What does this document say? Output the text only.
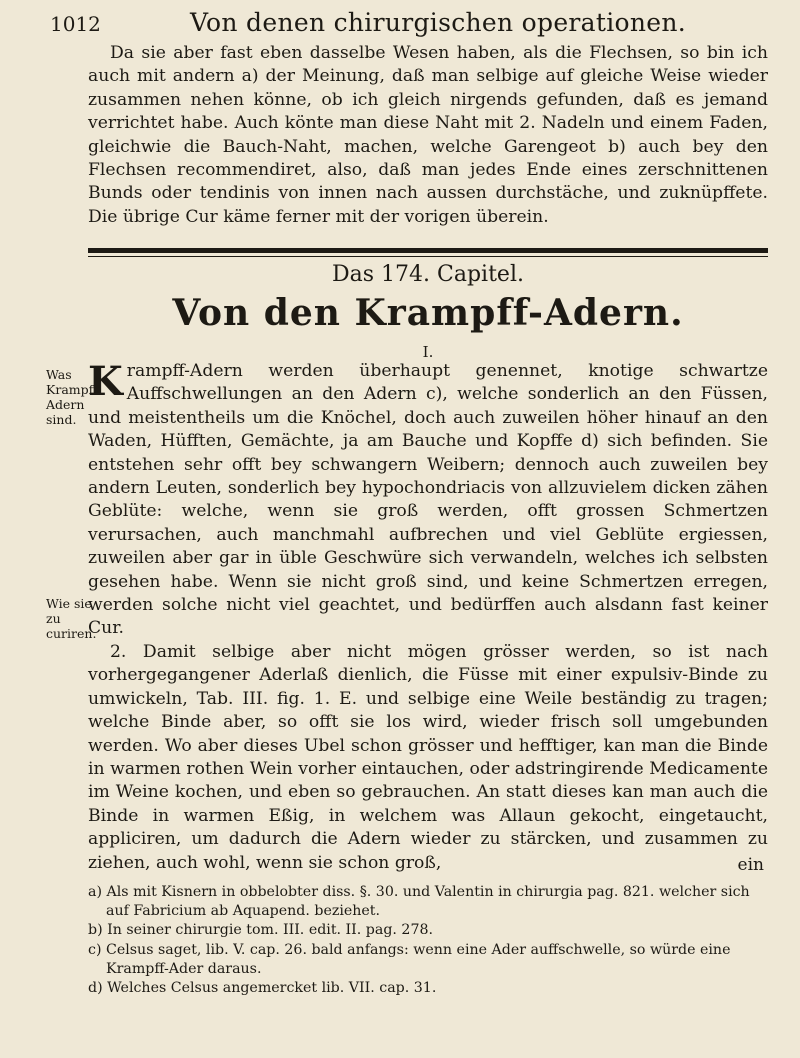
1012	Von denen chirurgischen operationen.

Da sie aber fast eben dasselbe Wesen haben, als die Flechsen, so bin ich auch mit andern a) der Meinung, daß man selbige auf gleiche Weise wieder zusammen nehen könne, ob ich gleich nirgends gefunden, daß es jemand verrichtet habe. Auch könte man diese Naht mit 2. Nadeln und einem Faden, gleichwie die Bauch-Naht, machen, welche Garengeot b) auch bey den Flechsen recommendiret, also, daß man jedes Ende eines zerschnittenen Bunds oder tendinis von innen nach aussen durchstäche, und zuknüpffete. Die übrige Cur käme ferner mit der vorigen überein.

Das 174. Capitel.
Von den Krampff-Adern.
I.
Was Krampff-Adern sind.
Wie sie zu curiren.

Krampff-Adern werden überhaupt genennet, knotige schwartze Auffschwellungen an den Adern c), welche sonderlich an den Füssen, und meistentheils um die Knöchel, doch auch zuweilen höher hinauf an den Waden, Hüfften, Gemächte, ja am Bauche und Kopffe d) sich befinden. Sie entstehen sehr offt bey schwangern Weibern; dennoch auch zuweilen bey andern Leuten, sonderlich bey hypochondriacis von allzuvielem dicken zähen Geblüte: welche, wenn sie groß werden, offt grossen Schmertzen verursachen, auch manchmahl aufbrechen und viel Geblüte ergiessen, zuweilen aber gar in üble Geschwüre sich verwandeln, welches ich selbsten gesehen habe. Wenn sie nicht groß sind, und keine Schmertzen erregen, werden solche nicht viel geachtet, und bedürffen auch alsdann fast keiner Cur.

2. Damit selbige aber nicht mögen grösser werden, so ist nach vorhergegangener Aderlaß dienlich, die Füsse mit einer expulsiv-Binde zu umwickeln, Tab. III. fig. 1. E. und selbige eine Weile beständig zu tragen; welche Binde aber, so offt sie los wird, wieder frisch soll umgebunden werden. Wo aber dieses Ubel schon grösser und hefftiger, kan man die Binde in warmen rothen Wein vorher eintauchen, oder adstringirende Medicamente im Weine kochen, und eben so gebrauchen. An statt dieses kan man auch die Binde in warmen Eßig, in welchem was Allaun gekocht, eingetaucht, appliciren, um dadurch die Adern wieder zu stärcken, und zusammen zu ziehen, auch wohl, wenn sie schon groß,	ein

a) Als mit Kisnern in obbelobter diss. §. 30. und Valentin in chirurgia pag. 821. welcher sich auf Fabricium ab Aquapend. beziehet.

b) In seiner chirurgie tom. III. edit. II. pag. 278.

c) Celsus saget, lib. V. cap. 26. bald anfangs: wenn eine Ader auffschwelle, so würde eine Krampff-Ader daraus.

d) Welches Celsus angemercket lib. VII. cap. 31.
